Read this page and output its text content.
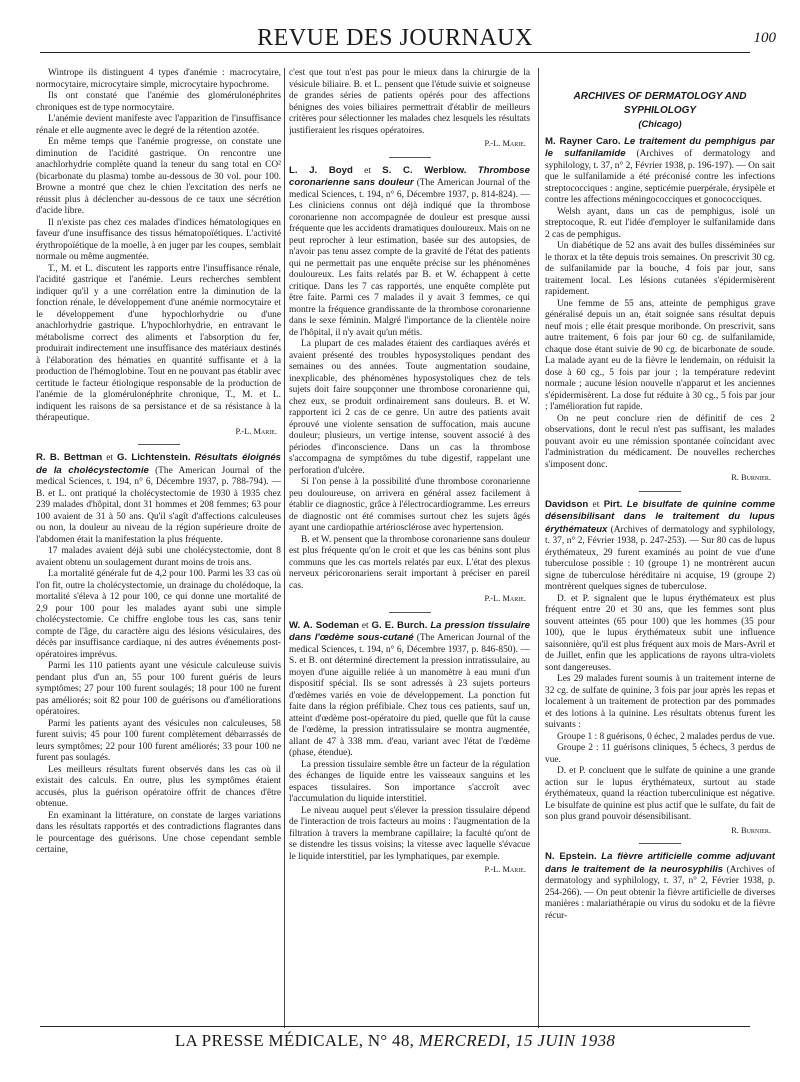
REVUE DES JOURNAUX	100

Wintrope ils distinguent 4 types d'anémie : macrocytaire, normocytaire, microcytaire simple, microcytaire hypochrome.

Ils ont constaté que l'anémie des glomérulonéphrites chroniques est de type normocytaire.

L'anémie devient manifeste avec l'apparition de l'insuffisance rénale et elle augmente avec le degré de la rétention azotée.

En même temps que l'anémie progresse, on constate une diminution de l'acidité gastrique. On rencontre une anachlorhydrie complète quand la teneur du sang total en CO² (bicarbonate du plasma) tombe au-dessous de 30 vol. pour 100. Browne a montré que chez le chien l'excitation des nerfs ne réussit plus à déclencher au-dessous de ce taux une sécrétion d'acide libre.

Il n'existe pas chez ces malades d'indices hématologiques en faveur d'une insuffisance des tissus hématopoïétiques. L'activité érythropoïétique de la moelle, à en juger par les coupes, semblait normale ou même augmentée.

T., M. et L. discutent les rapports entre l'insuffisance rénale, l'acidité gastrique et l'anémie. Leurs recherches semblent indiquer qu'il y a une corrélation entre la diminution de la fonction rénale, le développement d'une anémie normocytaire et le développement d'une hypochlorhydrie ou d'une anachlorhydrie gastrique. L'hypochlorhydrie, en entravant le métabolisme correct des aliments et l'absorption du fer, produirait indirectement une insuffisance des matériaux destinés à l'élaboration des hématies en quantité suffisante et à la production de l'hémoglobine. Tout en ne pouvant pas établir avec certitude le facteur étiologique responsable de la production de l'anémie de la glomérulonéphrite chronique, T., M. et L. indiquent les raisons de sa persistance et de sa résistance à la thérapeutique.

P.-L. Marie.

R. B. Bettman et G. Lichtenstein. Résultats éloignés de la cholécystectomie (The American Journal of the medical Sciences, t. 194, n° 6, Décembre 1937, p. 788-794). — B. et L. ont pratiqué la cholécystectomie de 1930 à 1935 chez 239 malades d'hôpital, dont 31 hommes et 208 femmes; 63 pour 100 avaient de 31 à 50 ans. Qu'il s'agît d'affections calculeuses ou non, la douleur au niveau de la région supérieure droite de l'abdomen était la manifestation la plus fréquente.

17 malades avaient déjà subi une cholécystectomie, dont 8 avaient obtenu un soulagement durant moins de trois ans.

La mortalité générale fut de 4,2 pour 100. Parmi les 33 cas où l'on fit, outre la cholécystectomie, un drainage du cholédoque, la mortalité s'éleva à 12 pour 100, ce qui donne une mortalité de 2,9 pour 100 pour les malades ayant subi une simple cholécystectomie. Ce chiffre englobe tous les cas, sans tenir compte de l'âge, du caractère aigu des lésions vésiculaires, des décès par insuffisance cardiaque, ni des autres événements post-opératoires imprévus.

Parmi les 110 patients ayant une vésicule calculeuse suivis pendant plus d'un an, 55 pour 100 furent guéris de leurs symptômes; 27 pour 100 furent soulagés; 18 pour 100 ne furent pas améliorés; soit 82 pour 100 de guérisons ou d'améliorations opératoires.

Parmi les patients ayant des vésicules non calculeuses, 58 furent suivis; 45 pour 100 furent complètement débarrassés de leurs symptômes; 22 pour 100 furent améliorés; 33 pour 100 ne furent pas soulagés.

Les meilleurs résultats furent observés dans les cas où il existait des calculs. En outre, plus les symptômes étaient accusés, plus la guérison opératoire offrit de chances d'être obtenue.

En examinant la littérature, on constate de larges variations dans les résultats rapportés et des contradictions flagrantes dans le pourcentage des guérisons. Une chose cependant semble certaine,

c'est que tout n'est pas pour le mieux dans la chirurgie de la vésicule biliaire. B. et L. pensent que l'étude suivie et soigneuse de grandes séries de patients opérés pour des affections bénignes des voies biliaires permettrait d'établir de meilleurs critères pour sélectionner les malades chez lesquels les résultats justifieraient les risques opératoires.

P.-L. Marie.

L. J. Boyd et S. C. Werblow. Thrombose coronarienne sans douleur (The American Journal of the medical Sciences, t. 194, n° 6, Décembre 1937, p. 814-824). — Les cliniciens connus ont déjà indiqué que la thrombose coronarienne non accompagnée de douleur est presque aussi fréquente que les accidents dramatiques douloureux. Mais on ne peut reprocher à leur estimation, basée sur des autopsies, de n'avoir pas tenu assez compte de la gravité de l'état des patients qui ne permettait pas une enquête précise sur les phénomènes douloureux. Les faits relatés par B. et W. échappent à cette critique. Dans les 7 cas rapportés, une enquête complète put être faite. Parmi ces 7 malades il y avait 3 femmes, ce qui montre la fréquence grandissante de la thrombose coronarienne dans le sexe féminin. Malgré l'importance de la clientèle noire de l'hôpital, il n'y avait qu'un métis.

La plupart de ces malades étaient des cardiaques avérés et avaient présenté des troubles hyposystoliques pendant des semaines ou des années. Toute augmentation soudaine, inexplicable, des phénomènes hyposystoliques chez de tels sujets doit faire soupçonner une thrombose coronarienne qui, chez eux, se produit ordinairement sans douleurs. B. et W. rapportent ici 2 cas de ce genre. Un autre des patients avait éprouvé une violente sensation de suffocation, mais aucune douleur; plusieurs, un vertige intense, souvent associé à des périodes d'inconscience. Dans un cas la thrombose s'accompagna de symptômes du tube digestif, rappelant une perforation d'ulcère.

Si l'on pense à la possibilité d'une thrombose coronarienne peu douloureuse, on arrivera en général assez facilement à établir ce diagnostic, grâce à l'électrocardiogramme. Les erreurs de diagnostic ont été commises surtout chez les sujets âgés ayant une cardiopathie artériosclérose avec hypertension.

B. et W. pensent que la thrombose coronarienne sans douleur est plus fréquente qu'on le croit et que les cas bénins sont plus communs que les cas mortels relatés par eux. L'état des plexus nerveux péricoronariens serait important à préciser en pareil cas.

P.-L. Marie.

W. A. Sodeman et G. E. Burch. La pression tissulaire dans l'œdème sous-cutané (The American Journal of the medical Sciences, t. 194, n° 6, Décembre 1937, p. 846-850). — S. et B. ont déterminé directement la pression intratissulaire, au moyen d'une aiguille reliée à un manomètre à eau muni d'un dispositif spécial. Ils se sont adressés à 23 sujets porteurs d'œdèmes variés en voie de développement. La ponction fut faite dans la région préfibiale. Chez tous ces patients, sauf un, atteint d'œdème post-opératoire du pied, quelle que fût la cause de l'œdème, la pression intratissulaire se montra augmentée, allant de 47 à 338 mm. d'eau, variant avec l'état de l'œdème (phase, étendue).

La pression tissulaire semble être un facteur de la régulation des échanges de liquide entre les vaisseaux sanguins et les espaces tissulaires. Son importance s'accroît avec l'accumulation du liquide interstitiel.

Le niveau auquel peut s'élever la pression tissulaire dépend de l'interaction de trois facteurs au moins : l'augmentation de la filtration à travers la membrane capillaire; la faculté qu'ont de se distendre les tissus voisins; la vitesse avec laquelle s'évacue le liquide interstitiel, par les lymphatiques, par exemple.

P.-L. Marie.
ARCHIVES OF DERMATOLOGY AND SYPHILOLOGY
(Chicago)

M. Rayner Caro. Le traitement du pemphigus par le sulfanilamide (Archives of dermatology and syphilology, t. 37, n° 2, Février 1938, p. 196-197). — On sait que le sulfanilamide a été préconisé contre les infections streptococciques : angine, septicémie puerpérale, érysipèle et contre les affections méningococciques et gonococciques.

Welsh ayant, dans un cas de pemphigus, isolé un streptocoque, R. eut l'idée d'employer le sulfanilamide dans 2 cas de pemphigus.

Un diabétique de 52 ans avait des bulles disséminées sur le thorax et la tête depuis trois semaines. On prescrivit 30 cg. de sulfanilamide par la bouche, 4 fois par jour, sans traitement local. Les lésions cutanées s'épidermisèrent rapidement.

Une femme de 55 ans, atteinte de pemphigus grave généralisé depuis un an, était soignée sans résultat depuis neuf mois ; elle était presque moribonde. On prescrivit, sans autre traitement, 6 fois par jour 60 cg. de sulfanilamide, chaque dose étant suivie de 90 cg. de bicarbonate de soude. La malade ayant eu de la fièvre le lendemain, on réduisit la dose à 60 cg., 5 fois par jour ; la température redevint normale ; aucune lésion nouvelle n'apparut et les anciennes s'épidermisèrent. La dose fut réduite à 30 cg., 5 fois par jour ; l'amélioration fut rapide.

On ne peut conclure rien de définitif de ces 2 observations, dont le recul n'est pas suffisant, les malades pouvant avoir eu une rémission spontanée coïncidant avec l'administration du médicament. De nouvelles recherches s'imposent donc.

R. Burnier.

Davidson et Pirt. Le bisulfate de quinine comme désensibilisant dans le traitement du lupus érythémateux (Archives of dermatology and syphilology, t. 37, n° 2, Février 1938, p. 247-253). — Sur 80 cas de lupus érythémateux, 29 furent examinés au point de vue d'une tuberculose possible : 10 (groupe 1) ne montrèrent aucun signe de tuberculose héréditaire ni acquise, 19 (groupe 2) montrèrent quelques signes de tuberculose.

D. et P. signalent que le lupus érythémateux est plus fréquent entre 20 et 30 ans, que les femmes sont plus souvent atteintes (65 pour 100) que les hommes (35 pour 100), que le lupus érythémateux subit une influence saisonnière, qu'il est plus fréquent aux mois de Mars-Avril et de Juillet, enfin que les applications de rayons ultra-violets sont dangereuses.

Les 29 malades furent soumis à un traitement interne de 32 cg. de sulfate de quinine, 3 fois par jour après les repas et localement à un traitement de protection par des pommades et des lotions à la quinine. Les résultats obtenus furent les suivants :

Groupe 1 : 8 guérisons, 0 échec, 2 malades perdus de vue.

Groupe 2 : 11 guérisons cliniques, 5 échecs, 3 perdus de vue.

D. et P. concluent que le sulfate de quinine a une grande action sur le lupus érythémateux, surtout au stade érythémateux, quand la réaction tuberculinique est négative. Le bisulfate de quinine est plus actif que le sulfate, du fait de son plus grand pouvoir désensibilisant.

R. Burnier.

N. Epstein. La fièvre artificielle comme adjuvant dans le traitement de la neurosyphilis (Archives of dermatology and syphilology, t. 37, n° 2, Février 1938, p. 254-266). — On peut obtenir la fièvre artificielle de diverses manières : malariathérapie ou virus du sodoku et de la fièvre récur-

LA PRESSE MÉDICALE, N° 48, MERCREDI, 15 JUIN 1938
